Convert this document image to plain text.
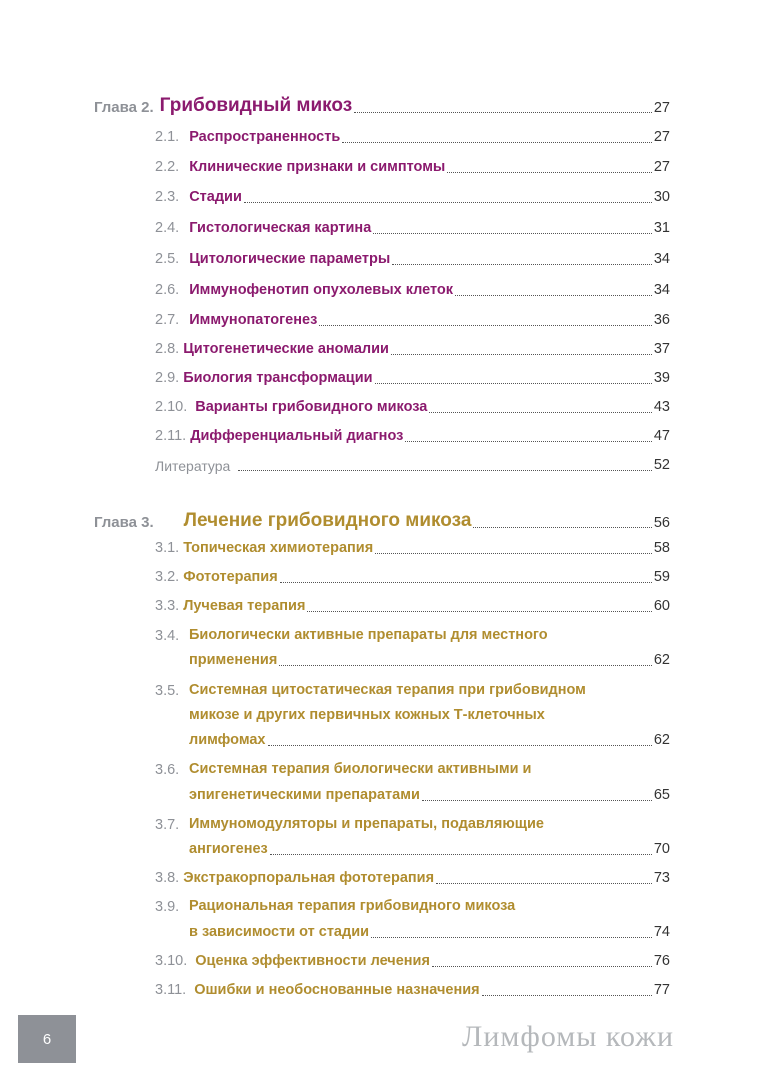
Глава 2. Грибовидный микоз	27
2.1. Распространенность	27
2.2. Клинические признаки и симптомы	27
2.3. Стадии	30
2.4. Гистологическая картина	31
2.5. Цитологические параметры	34
2.6. Иммунофенотип опухолевых клеток	34
2.7. Иммунопатогенез	36
2.8. Цитогенетические аномалии	37
2.9. Биология трансформации	39
2.10. Варианты грибовидного микоза	43
2.11. Дифференциальный диагноз	47
Литература	52
Глава 3. Лечение грибовидного микоза	56
3.1. Топическая химиотерапия	58
3.2. Фототерапия	59
3.3. Лучевая терапия	60
3.4. Биологически активные препараты для местного
применения	62
3.5. Системная цитостатическая терапия при грибовидном
микозе и других первичных кожных Т-клеточных
лимфомах	62
3.6. Системная терапия биологически активными и
эпигенетическими препаратами	65
3.7. Иммуномодуляторы и препараты, подавляющие
ангиогенез	70
3.8. Экстракорпоральная фототерапия	73
3.9. Рациональная терапия грибовидного микоза
в зависимости от стадии	74
3.10. Оценка эффективности лечения	76
3.11. Ошибки и необоснованные назначения	77
6	Лимфомы кожи
